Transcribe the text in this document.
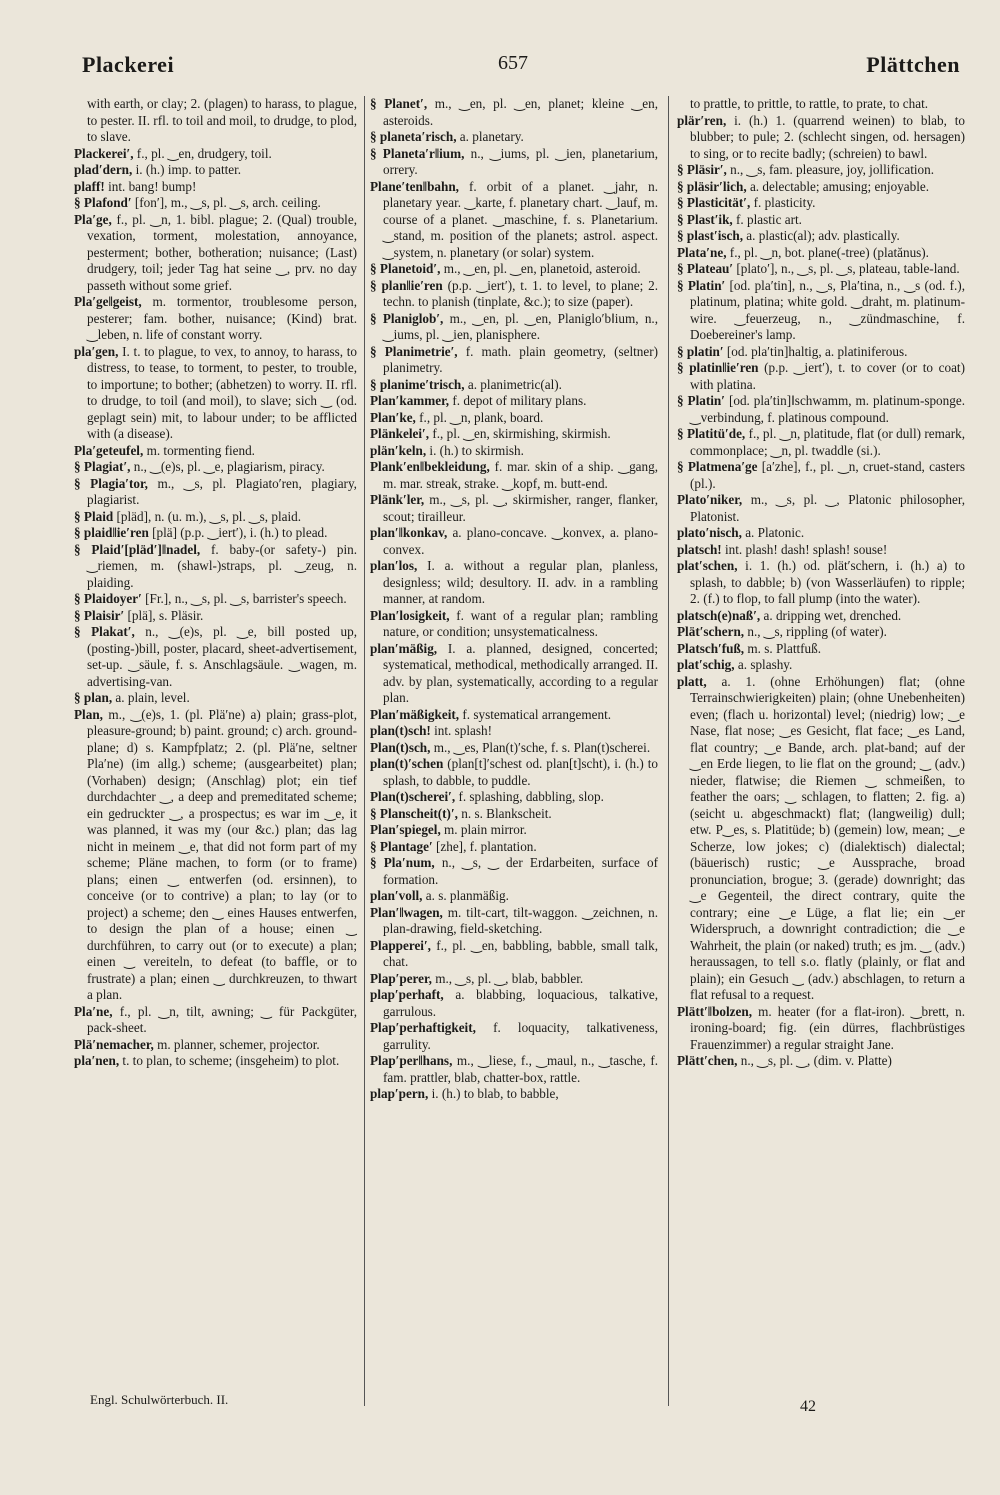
Plackerei	657	Plättchen
with earth, or clay; 2. (plagen) to harass, to plague, to pester. II. rfl. to toil and moil, to drudge, to plod, to slave.
Plackerei′, f., pl. ‿en, drudgery, toil.
plad′dern, i. (h.) imp. to patter.
plaff! int. bang! bump!
§ Plafond′ [fon′], m., ‿s, pl. ‿s, arch. ceiling.
Pla′ge, f., pl. ‿n, 1. bibl. plague; 2. (Qual) trouble, vexation, torment, molestation, annoyance, pesterment; bother, botheration; nuisance; (Last) drudgery, toil; jeder Tag hat seine ‿, prv. no day passeth without some grief.
Pla′ge‖geist, m. tormentor, troublesome person, pesterer; fam. bother, nuisance; (Kind) brat. ‿leben, n. life of constant worry.
pla′gen, I. t. to plague, to vex, to annoy, to harass, to distress, to tease, to torment, to pester, to trouble, to importune; to bother; (abhetzen) to worry. II. rfl. to drudge, to toil (and moil), to slave; sich ‿ (od. geplagt sein) mit, to labour under; to be afflicted with (a disease).
Pla′geteufel, m. tormenting fiend.
§ Plagiat′, n., ‿(e)s, pl. ‿e, plagiarism, piracy.
§ Plagia′tor, m., ‿s, pl. Plagiato′ren, plagiary, plagiarist.
§ Plaid [pläd], n. (u. m.), ‿s, pl. ‿s, plaid.
§ plaid‖ie′ren [plä] (p.p. ‿iert′), i. (h.) to plead.
§ Plaid′[pläd′]‖nadel, f. baby-(or safety-) pin. ‿riemen, m. (shawl-)straps, pl. ‿zeug, n. plaiding.
§ Plaidoyer′ [Fr.], n., ‿s, pl. ‿s, barrister's speech.
§ Plaisir′ [plä], s. Pläsir.
§ Plakat′, n., ‿(e)s, pl. ‿e, bill posted up, (posting-)bill, poster, placard, sheet-advertisement, set-up. ‿säule, f. s. Anschlagsäule. ‿wagen, m. advertising-van.
§ plan, a. plain, level.
Plan, m., ‿(e)s, 1. (pl. Plä′ne) a) plain; grass-plot, pleasure-ground; b) paint. ground; c) arch. ground-plane; d) s. Kampfplatz; 2. (pl. Plä′ne, seltner Pla′ne) (im allg.) scheme; (ausgearbeitet) plan; (Vorhaben) design; (Anschlag) plot; ein tief durchdachter ‿, a deep and premeditated scheme; ein gedruckter ‿, a prospectus; es war im ‿e, it was planned, it was my (our &c.) plan; das lag nicht in meinem ‿e, that did not form part of my scheme; Pläne machen, to form (or to frame) plans; einen ‿ entwerfen (od. ersinnen), to conceive (or to contrive) a plan; to lay (or to project) a scheme; den ‿ eines Hauses entwerfen, to design the plan of a house; einen ‿ durchführen, to carry out (or to execute) a plan; einen ‿ vereiteln, to defeat (to baffle, or to frustrate) a plan; einen ‿ durchkreuzen, to thwart a plan.
Pla′ne, f., pl. ‿n, tilt, awning; ‿ für Packgüter, pack-sheet.
Plä′nemacher, m. planner, schemer, projector.
pla′nen, t. to plan, to scheme; (insgeheim) to plot.
§ Planet′, m., ‿en, pl. ‿en, planet; kleine ‿en, asteroids.
§ planeta′risch, a. planetary.
§ Planeta′r‖ium, n., ‿iums, pl. ‿ien, planetarium, orrery.
Plane′ten‖bahn, f. orbit of a planet. ‿jahr, n. planetary year. ‿karte, f. planetary chart. ‿lauf, m. course of a planet. ‿maschine, f. s. Planetarium. ‿stand, m. position of the planets; astrol. aspect. ‿system, n. planetary (or solar) system.
§ Planetoid′, m., ‿en, pl. ‿en, planetoid, asteroid.
§ plan‖ie′ren (p.p. ‿iert′), t. 1. to level, to plane; 2. techn. to planish (tinplate, &c.); to size (paper).
§ Planiglob′, m., ‿en, pl. ‿en, Planiglo′b‖ium, n., ‿iums, pl. ‿ien, planisphere.
§ Planimetrie′, f. math. plain geometry, (seltner) planimetry.
§ planime′trisch, a. planimetric(al).
Plan′kammer, f. depot of military plans.
Plan′ke, f., pl. ‿n, plank, board.
Plänkelei′, f., pl. ‿en, skirmishing, skirmish.
plän′keln, i. (h.) to skirmish.
Plank′en‖bekleidung, f. mar. skin of a ship. ‿gang, m. mar. streak, strake. ‿kopf, m. butt-end.
Plänk′ler, m., ‿s, pl. ‿, skirmisher, ranger, flanker, scout; tirailleur.
plan′‖konkav, a. plano-concave. ‿konvex, a. plano-convex.
plan′los, I. a. without a regular plan, planless, designless; wild; desultory. II. adv. in a rambling manner, at random.
Plan′losigkeit, f. want of a regular plan; rambling nature, or condition; unsystematicalness.
plan′mäßig, I. a. planned, designed, concerted; systematical, methodical, methodically arranged. II. adv. by plan, systematically, according to a regular plan.
Plan′mäßigkeit, f. systematical arrangement.
plan(t)sch! int. splash!
Plan(t)sch, m., ‿es, Plan(t)′sche, f. s. Plan(t)scherei.
plan(t)′schen (plan[t]′schest od. plan[t]scht), i. (h.) to splash, to dabble, to puddle.
Plan(t)scherei′, f. splashing, dabbling, slop.
§ Planscheit(t)′, n. s. Blankscheit.
Plan′spiegel, m. plain mirror.
§ Plantage′ [zhe], f. plantation.
§ Pla′num, n., ‿s, ‿ der Erdarbeiten, surface of formation.
plan′voll, a. s. planmäßig.
Plan′‖wagen, m. tilt-cart, tilt-waggon. ‿zeichnen, n. plan-drawing, field-sketching.
Plapperei′, f., pl. ‿en, babbling, babble, small talk, chat.
Plap′perer, m., ‿s, pl. ‿, blab, babbler.
plap′perhaft, a. blabbing, loquacious, talkative, garrulous.
Plap′perhaftigkeit, f. loquacity, talkativeness, garrulity.
Plap′per‖hans, m., ‿liese, f., ‿maul, n., ‿tasche, f. fam. prattler, blab, chatter-box, rattle.
plap′pern, i. (h.) to blab, to babble,
to prattle, to prittle, to rattle, to prate, to chat.
plär′ren, i. (h.) 1. (quarrend weinen) to blab, to blubber; to pule; 2. (schlecht singen, od. hersagen) to sing, or to recite badly; (schreien) to bawl.
§ Pläsir′, n., ‿s, fam. pleasure, joy, jollification.
§ pläsir′lich, a. delectable; amusing; enjoyable.
§ Plasticität′, f. plasticity.
§ Plast′ik, f. plastic art.
§ plast′isch, a. plastic(al); adv. plastically.
Plata′ne, f., pl. ‿n, bot. plane(-tree) (platănus).
§ Plateau′ [plato′], n., ‿s, pl. ‿s, plateau, table-land.
§ Platin′ [od. pla′tin], n., ‿s, Pla′tina, n., ‿s (od. f.), platinum, platina; white gold. ‿draht, m. platinum-wire. ‿feuerzeug, n., ‿zündmaschine, f. Doebereiner's lamp.
§ platin′ [od. pla′tin]haltig, a. platiniferous.
§ platin‖ie′ren (p.p. ‿iert′), t. to cover (or to coat) with platina.
§ Platin′ [od. pla′tin]‖schwamm, m. platinum-sponge. ‿verbindung, f. platinous compound.
§ Platitü′de, f., pl. ‿n, platitude, flat (or dull) remark, commonplace; ‿n, pl. twaddle (si.).
§ Platmena′ge [a′zhe], f., pl. ‿n, cruet-stand, casters (pl.).
Plato′niker, m., ‿s, pl. ‿, Platonic philosopher, Platonist.
plato′nisch, a. Platonic.
platsch! int. plash! dash! splash! souse!
plat′schen, i. 1. (h.) od. plät′schern, i. (h.) a) to splash, to dabble; b) (von Wasserläufen) to ripple; 2. (f.) to flop, to fall plump (into the water).
platsch(e)naß′, a. dripping wet, drenched.
Plät′schern, n., ‿s, rippling (of water).
Platsch′fuß, m. s. Plattfuß.
plat′schig, a. splashy.
platt, a. 1. (ohne Erhöhungen) flat; (ohne Terrainschwierigkeiten) plain; (ohne Unebenheiten) even; (flach u. horizontal) level; (niedrig) low; ‿e Nase, flat nose; ‿es Gesicht, flat face; ‿es Land, flat country; ‿e Bande, arch. plat-band; auf der ‿en Erde liegen, to lie flat on the ground; ‿ (adv.) nieder, flatwise; die Riemen ‿ schmeißen, to feather the oars; ‿ schlagen, to flatten; 2. fig. a) (seicht u. abgeschmackt) flat; (langweilig) dull; etw. P‿es, s. Platitüde; b) (gemein) low, mean; ‿e Scherze, low jokes; c) (dialektisch) dialectal; (bäuerisch) rustic; ‿e Aussprache, broad pronunciation, brogue; 3. (gerade) downright; das ‿e Gegenteil, the direct contrary, quite the contrary; eine ‿e Lüge, a flat lie; ein ‿er Widerspruch, a downright contradiction; die ‿e Wahrheit, the plain (or naked) truth; es jm. ‿ (adv.) heraussagen, to tell s.o. flatly (plainly, or flat and plain); ein Gesuch ‿ (adv.) abschlagen, to return a flat refusal to a request.
Plätt′‖bolzen, m. heater (for a flat-iron). ‿brett, n. ironing-board; fig. (ein dürres, flachbrüstiges Frauenzimmer) a regular straight Jane.
Plätt′chen, n., ‿s, pl. ‿, (dim. v. Platte)
Engl. Schulwörterbuch. II.	42
